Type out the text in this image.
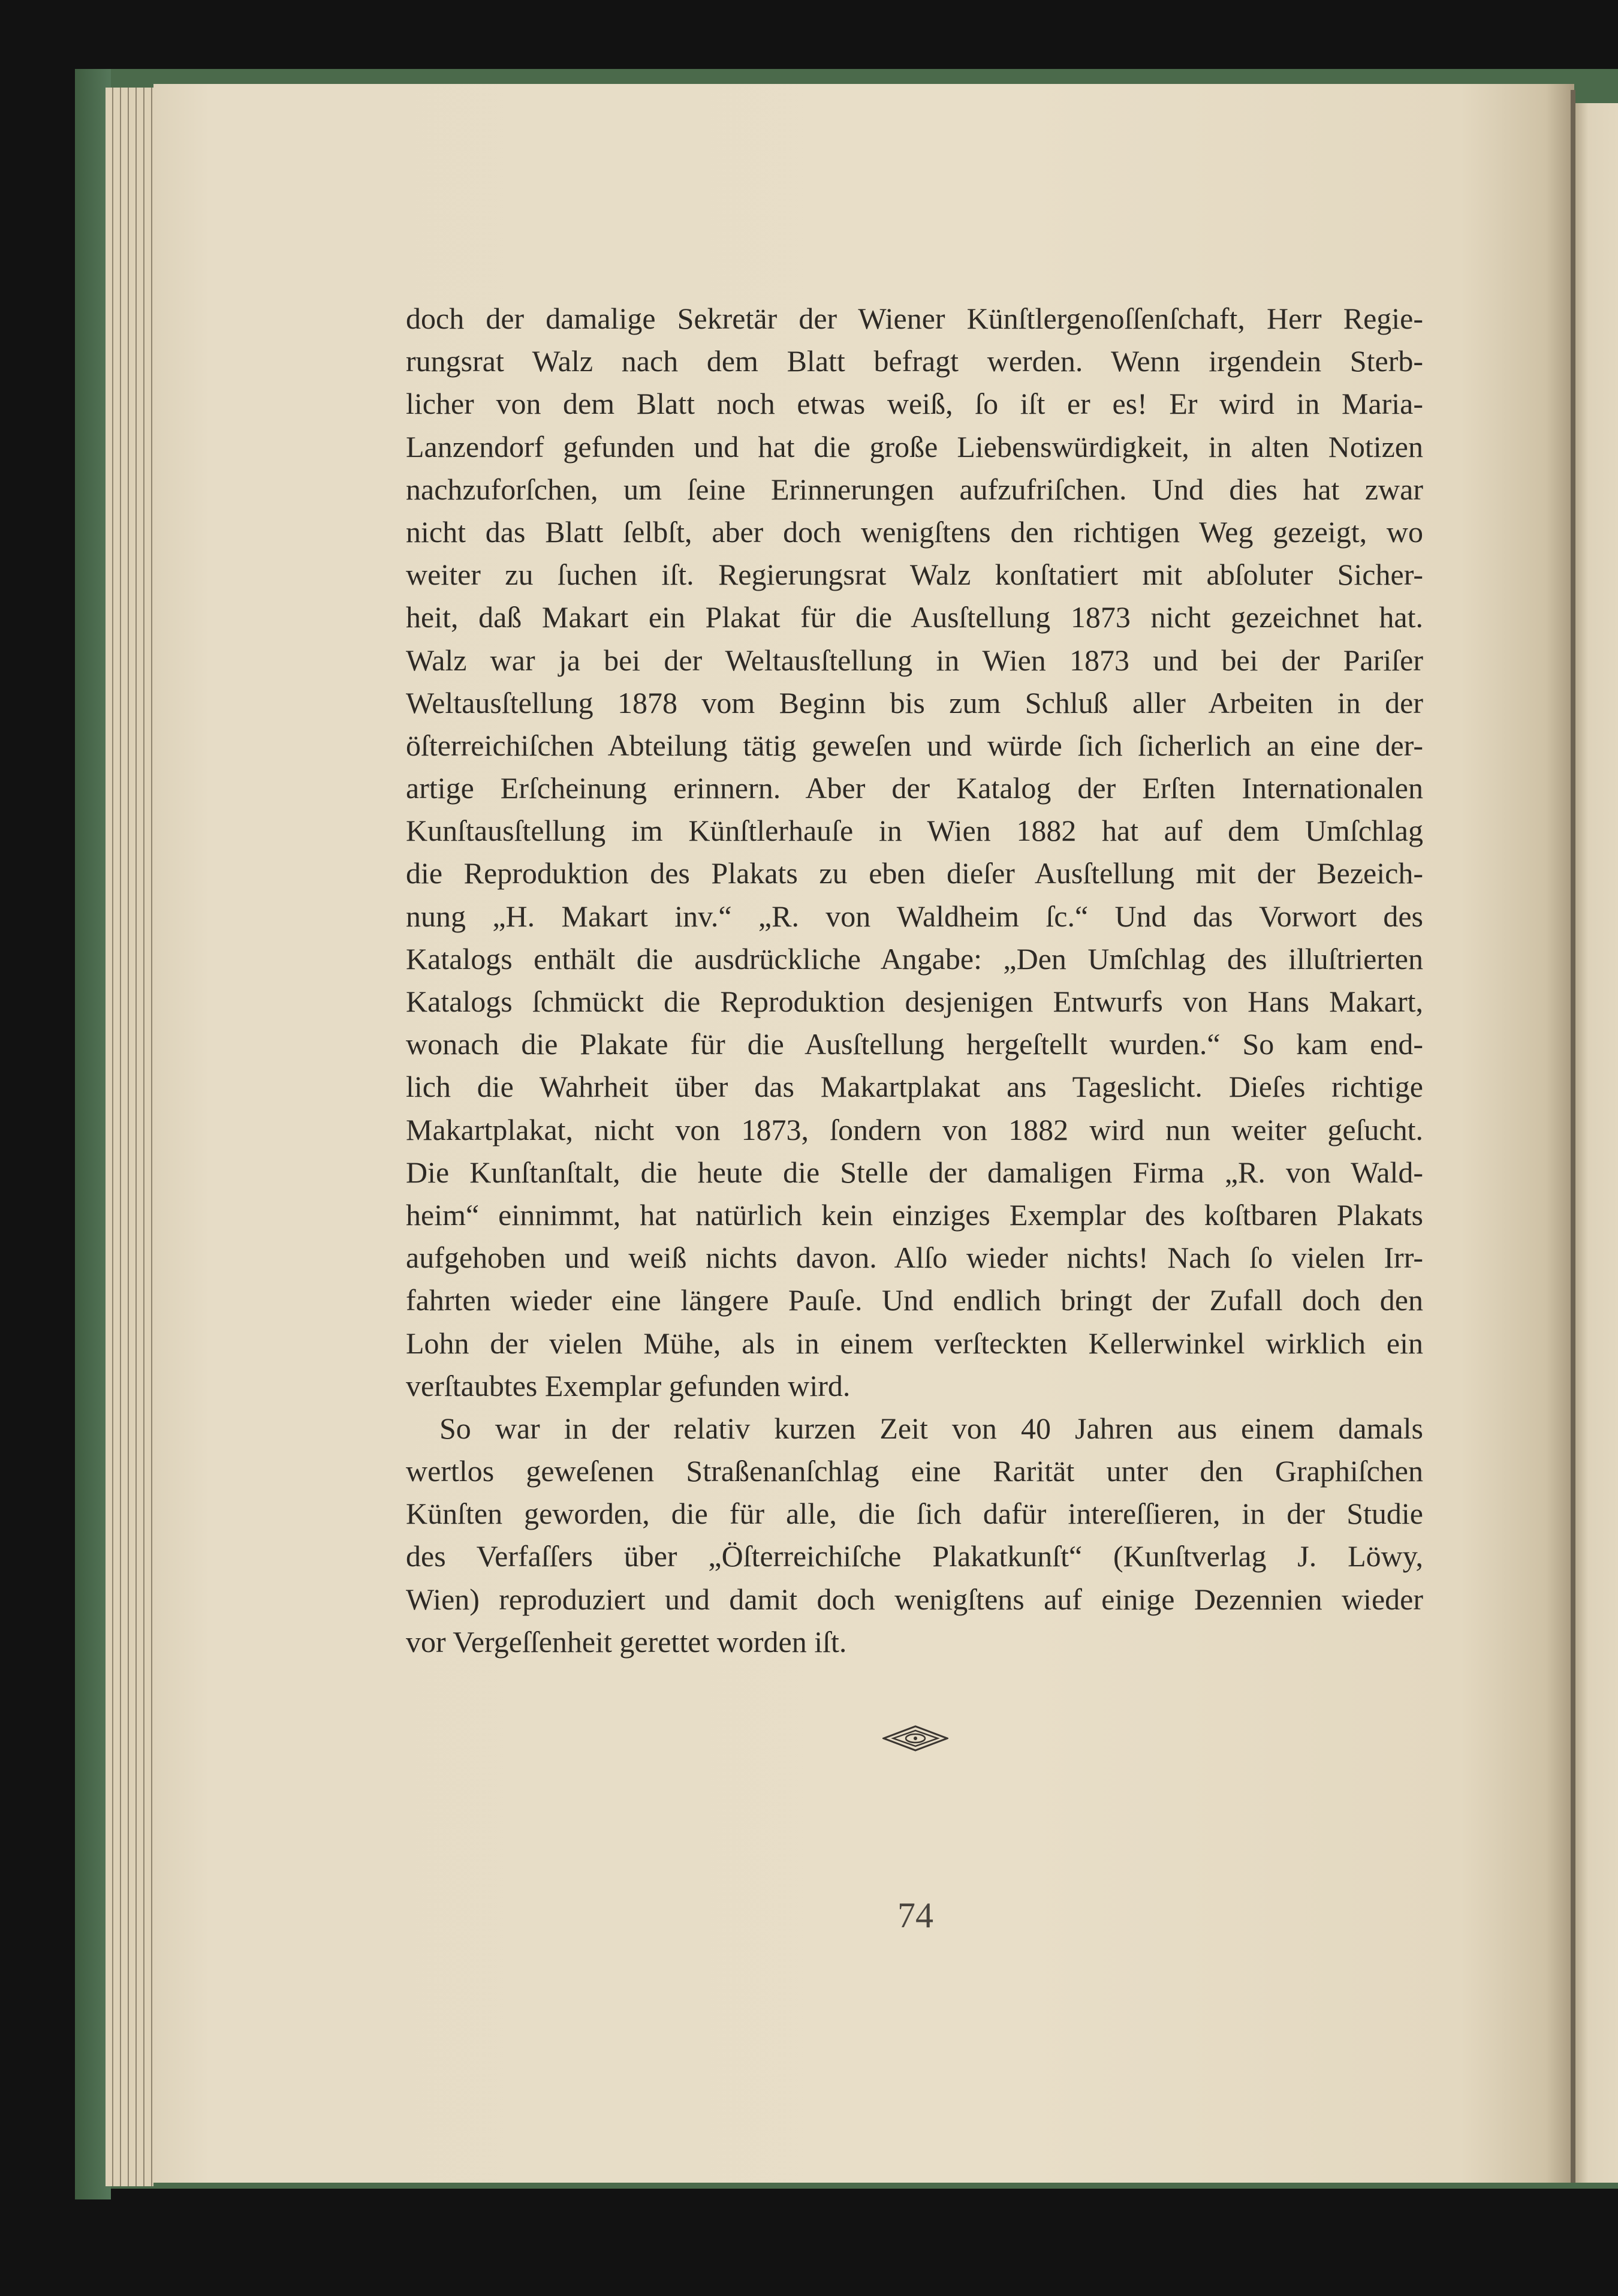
doch der damalige Sekretär der Wiener Künſtlergenoſſenſchaft, Herr Regie-
rungsrat Walz nach dem Blatt befragt werden. Wenn irgendein Sterb-
licher von dem Blatt noch etwas weiß, ſo iſt er es! Er wird in Maria-
Lanzendorf gefunden und hat die große Liebenswürdigkeit, in alten Notizen
nachzuforſchen, um ſeine Erinnerungen aufzufriſchen. Und dies hat zwar
nicht das Blatt ſelbſt, aber doch wenigſtens den richtigen Weg gezeigt, wo
weiter zu ſuchen iſt. Regierungsrat Walz konſtatiert mit abſoluter Sicher-
heit, daß Makart ein Plakat für die Ausſtellung 1873 nicht gezeichnet hat.
Walz war ja bei der Weltausſtellung in Wien 1873 und bei der Pariſer
Weltausſtellung 1878 vom Beginn bis zum Schluß aller Arbeiten in der
öſterreichiſchen Abteilung tätig geweſen und würde ſich ſicherlich an eine der-
artige Erſcheinung erinnern. Aber der Katalog der Erſten Internationalen
Kunſtausſtellung im Künſtlerhauſe in Wien 1882 hat auf dem Umſchlag
die Reproduktion des Plakats zu eben dieſer Ausſtellung mit der Bezeich-
nung „H. Makart inv.“ „R. von Waldheim ſc.“ Und das Vorwort des
Katalogs enthält die ausdrückliche Angabe: „Den Umſchlag des illuſtrierten
Katalogs ſchmückt die Reproduktion desjenigen Entwurfs von Hans Makart,
wonach die Plakate für die Ausſtellung hergeſtellt wurden.“ So kam end-
lich die Wahrheit über das Makartplakat ans Tageslicht. Dieſes richtige
Makartplakat, nicht von 1873, ſondern von 1882 wird nun weiter geſucht.
Die Kunſtanſtalt, die heute die Stelle der damaligen Firma „R. von Wald-
heim“ einnimmt, hat natürlich kein einziges Exemplar des koſtbaren Plakats
aufgehoben und weiß nichts davon. Alſo wieder nichts! Nach ſo vielen Irr-
fahrten wieder eine längere Pauſe. Und endlich bringt der Zufall doch den
Lohn der vielen Mühe, als in einem verſteckten Kellerwinkel wirklich ein
verſtaubtes Exemplar gefunden wird.
So war in der relativ kurzen Zeit von 40 Jahren aus einem damals
wertlos geweſenen Straßenanſchlag eine Rarität unter den Graphiſchen
Künſten geworden, die für alle, die ſich dafür intereſſieren, in der Studie
des Verfaſſers über „Öſterreichiſche Plakatkunſt“ (Kunſtverlag J. Löwy,
Wien) reproduziert und damit doch wenigſtens auf einige Dezennien wieder
vor Vergeſſenheit gerettet worden iſt.
74
